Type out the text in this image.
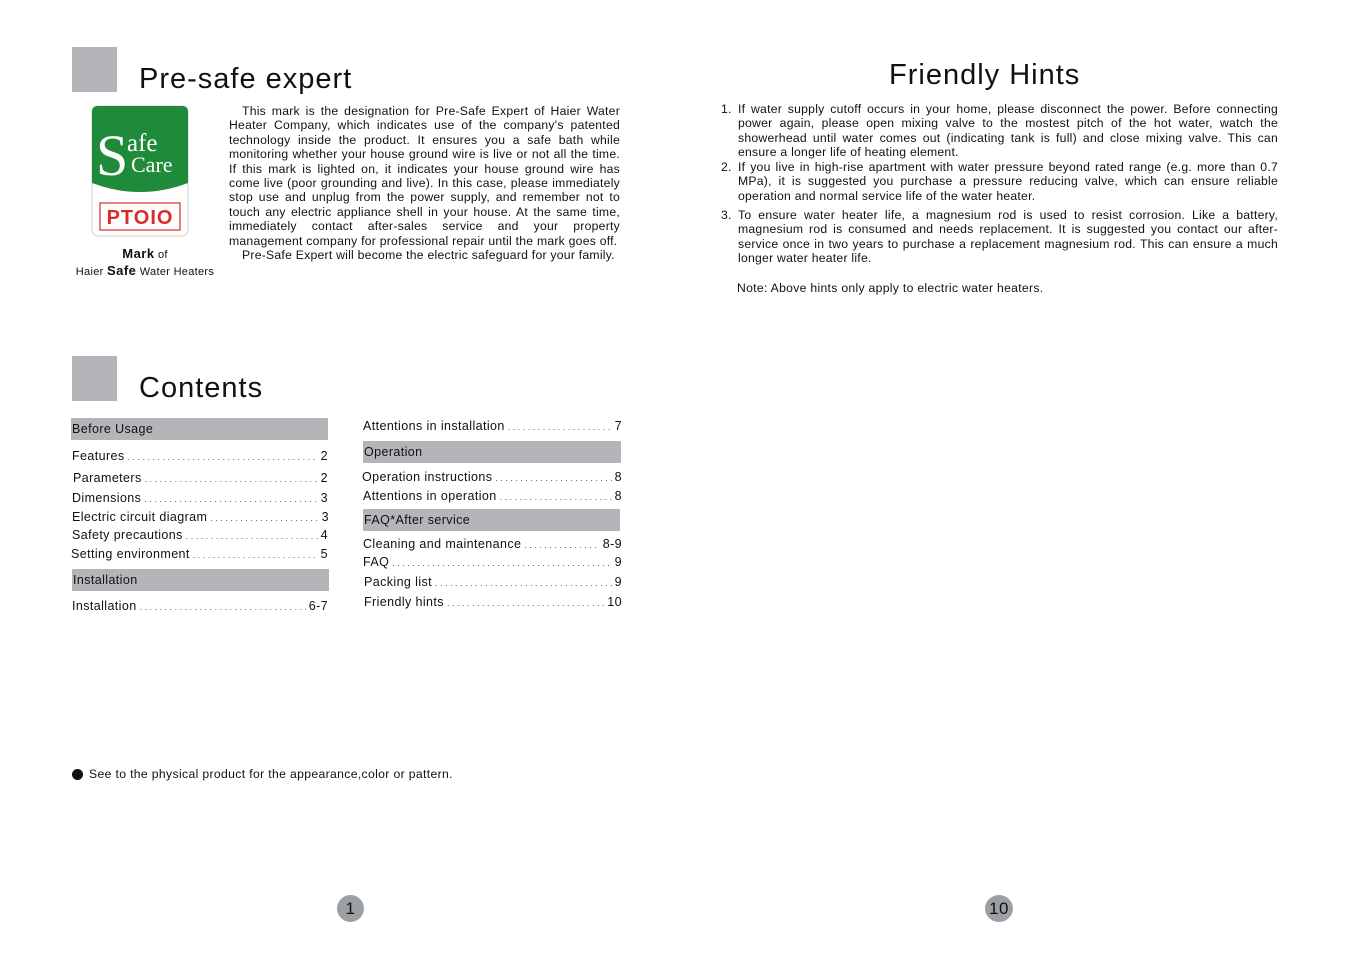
Pre-safe expert
S
afe
Care
PTOIO
Mark of
Haier Safe Water Heaters

This mark is the designation for Pre-Safe Expert of Haier Water Heater Company, which indicates use of the company's patented technology inside the product. It ensures you a safe bath while monitoring whether your house ground wire is live or not all the time. If this mark is lighted on, it indicates your house ground wire has come live (poor grounding and live). In this case, please immediately stop use and unplug from the power supply, and remember not to touch any electric appliance shell in your house. At the same time, immediately contact after-sales service and your property management company for professional repair until the mark goes off.

Pre-Safe Expert will become the electric safeguard for your family.

Contents
Before Usage
Features . . .	2
Parameters . . .	2
Dimensions . . .	3
Electric circuit diagram . . .	3
Safety precautions . . .	4
Setting environment . . .	5
Installation
Installation . . .	6-7
Attentions in installation . . .	7
Operation
Operation instructions . . .	8
Attentions in operation . . .	8
FAQ*After service
Cleaning and maintenance . . .	8-9
FAQ . . .	9
Packing list . . .	9
Friendly hints . . .	10
See to the physical product for the appearance,color or pattern.
1
Friendly Hints
1. If water supply cutoff occurs in your home, please disconnect the power. Before connecting power again, please open mixing valve to the mostest pitch of the hot water, watch the showerhead until water comes out (indicating tank is full) and close mixing valve. This can ensure a longer life of heating element.
2. If you live in high-rise apartment with water pressure beyond rated range (e.g. more than 0.7 MPa), it is suggested you purchase a pressure reducing valve, which can ensure reliable operation and normal service life of the water heater.
3. To ensure water heater life, a magnesium rod is used to resist corrosion. Like a battery, magnesium rod is consumed and needs replacement. It is suggested you contact our after-service once in two years to purchase a replacement magnesium rod. This can ensure a much longer water heater life.
Note: Above hints only apply to electric water heaters.
10
